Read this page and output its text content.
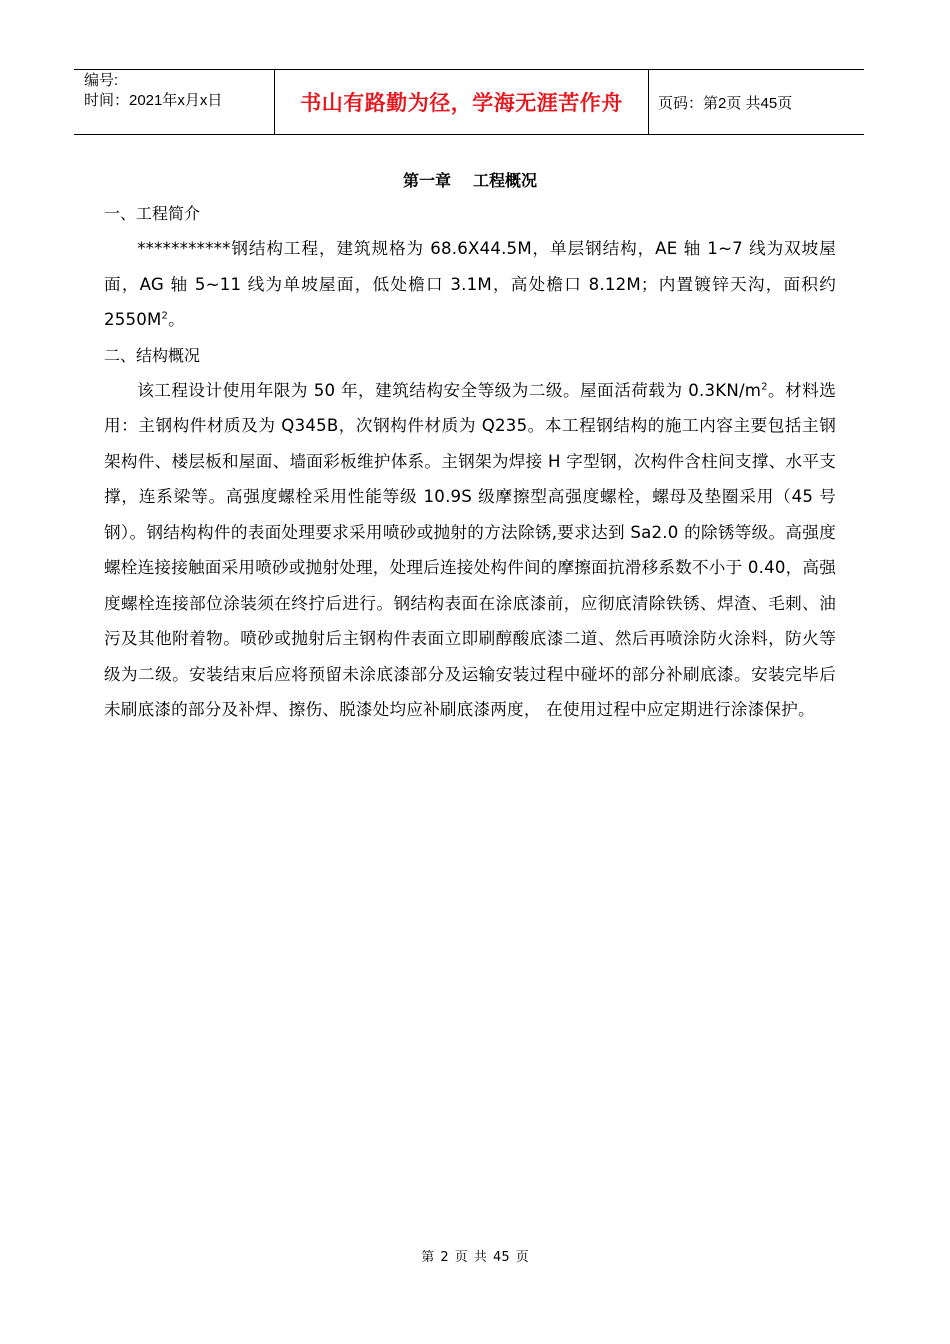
编号:
时间：2021年x月x日	书山有路勤为径，学海无涯苦作舟 页码：第2页 共45页
第一章 工程概况

一、工程简介

***********钢结构工程，建筑规格为 68.6X44.5M，单层钢结构，AE 轴 1~7 线为双坡屋面，AG 轴 5~11 线为单坡屋面，低处檐口 3.1M，高处檐口 8.12M；内置镀锌天沟，面积约 $2550M^2$。

二、结构概况

该工程设计使用年限为 50 年，建筑结构安全等级为二级。屋面活荷载为 $0.3KN/m^2$。材料选用：主钢构件材质及为 Q345B，次钢构件材质为 Q235。本工程钢结构的施工内容主要包括主钢架构件、楼层板和屋面、墙面彩板维护体系。主钢架为焊接 H 字型钢，次构件含柱间支撑、水平支撑，连系梁等。高强度螺栓采用性能等级 10.9S 级摩擦型高强度螺栓，螺母及垫圈采用（45 号钢）。钢结构构件的表面处理要求采用喷砂或抛射的方法除锈,要求达到 Sa2.0 的除锈等级。高强度螺栓连接接触面采用喷砂或抛射处理，处理后连接处构件间的摩擦面抗滑移系数不小于 0.40，高强度螺栓连接部位涂装须在终拧后进行。钢结构表面在涂底漆前，应彻底清除铁锈、焊渣、毛刺、油污及其他附着物。喷砂或抛射后主钢构件表面立即刷醇酸底漆二道、然后再喷涂防火涂料，防火等级为二级。安装结束后应将预留未涂底漆部分及运输安装过程中碰坏的部分补刷底漆。安装完毕后未刷底漆的部分及补焊、擦伤、脱漆处均应补刷底漆两度， 在使用过程中应定期进行涂漆保护。

第 2 页 共 45 页
